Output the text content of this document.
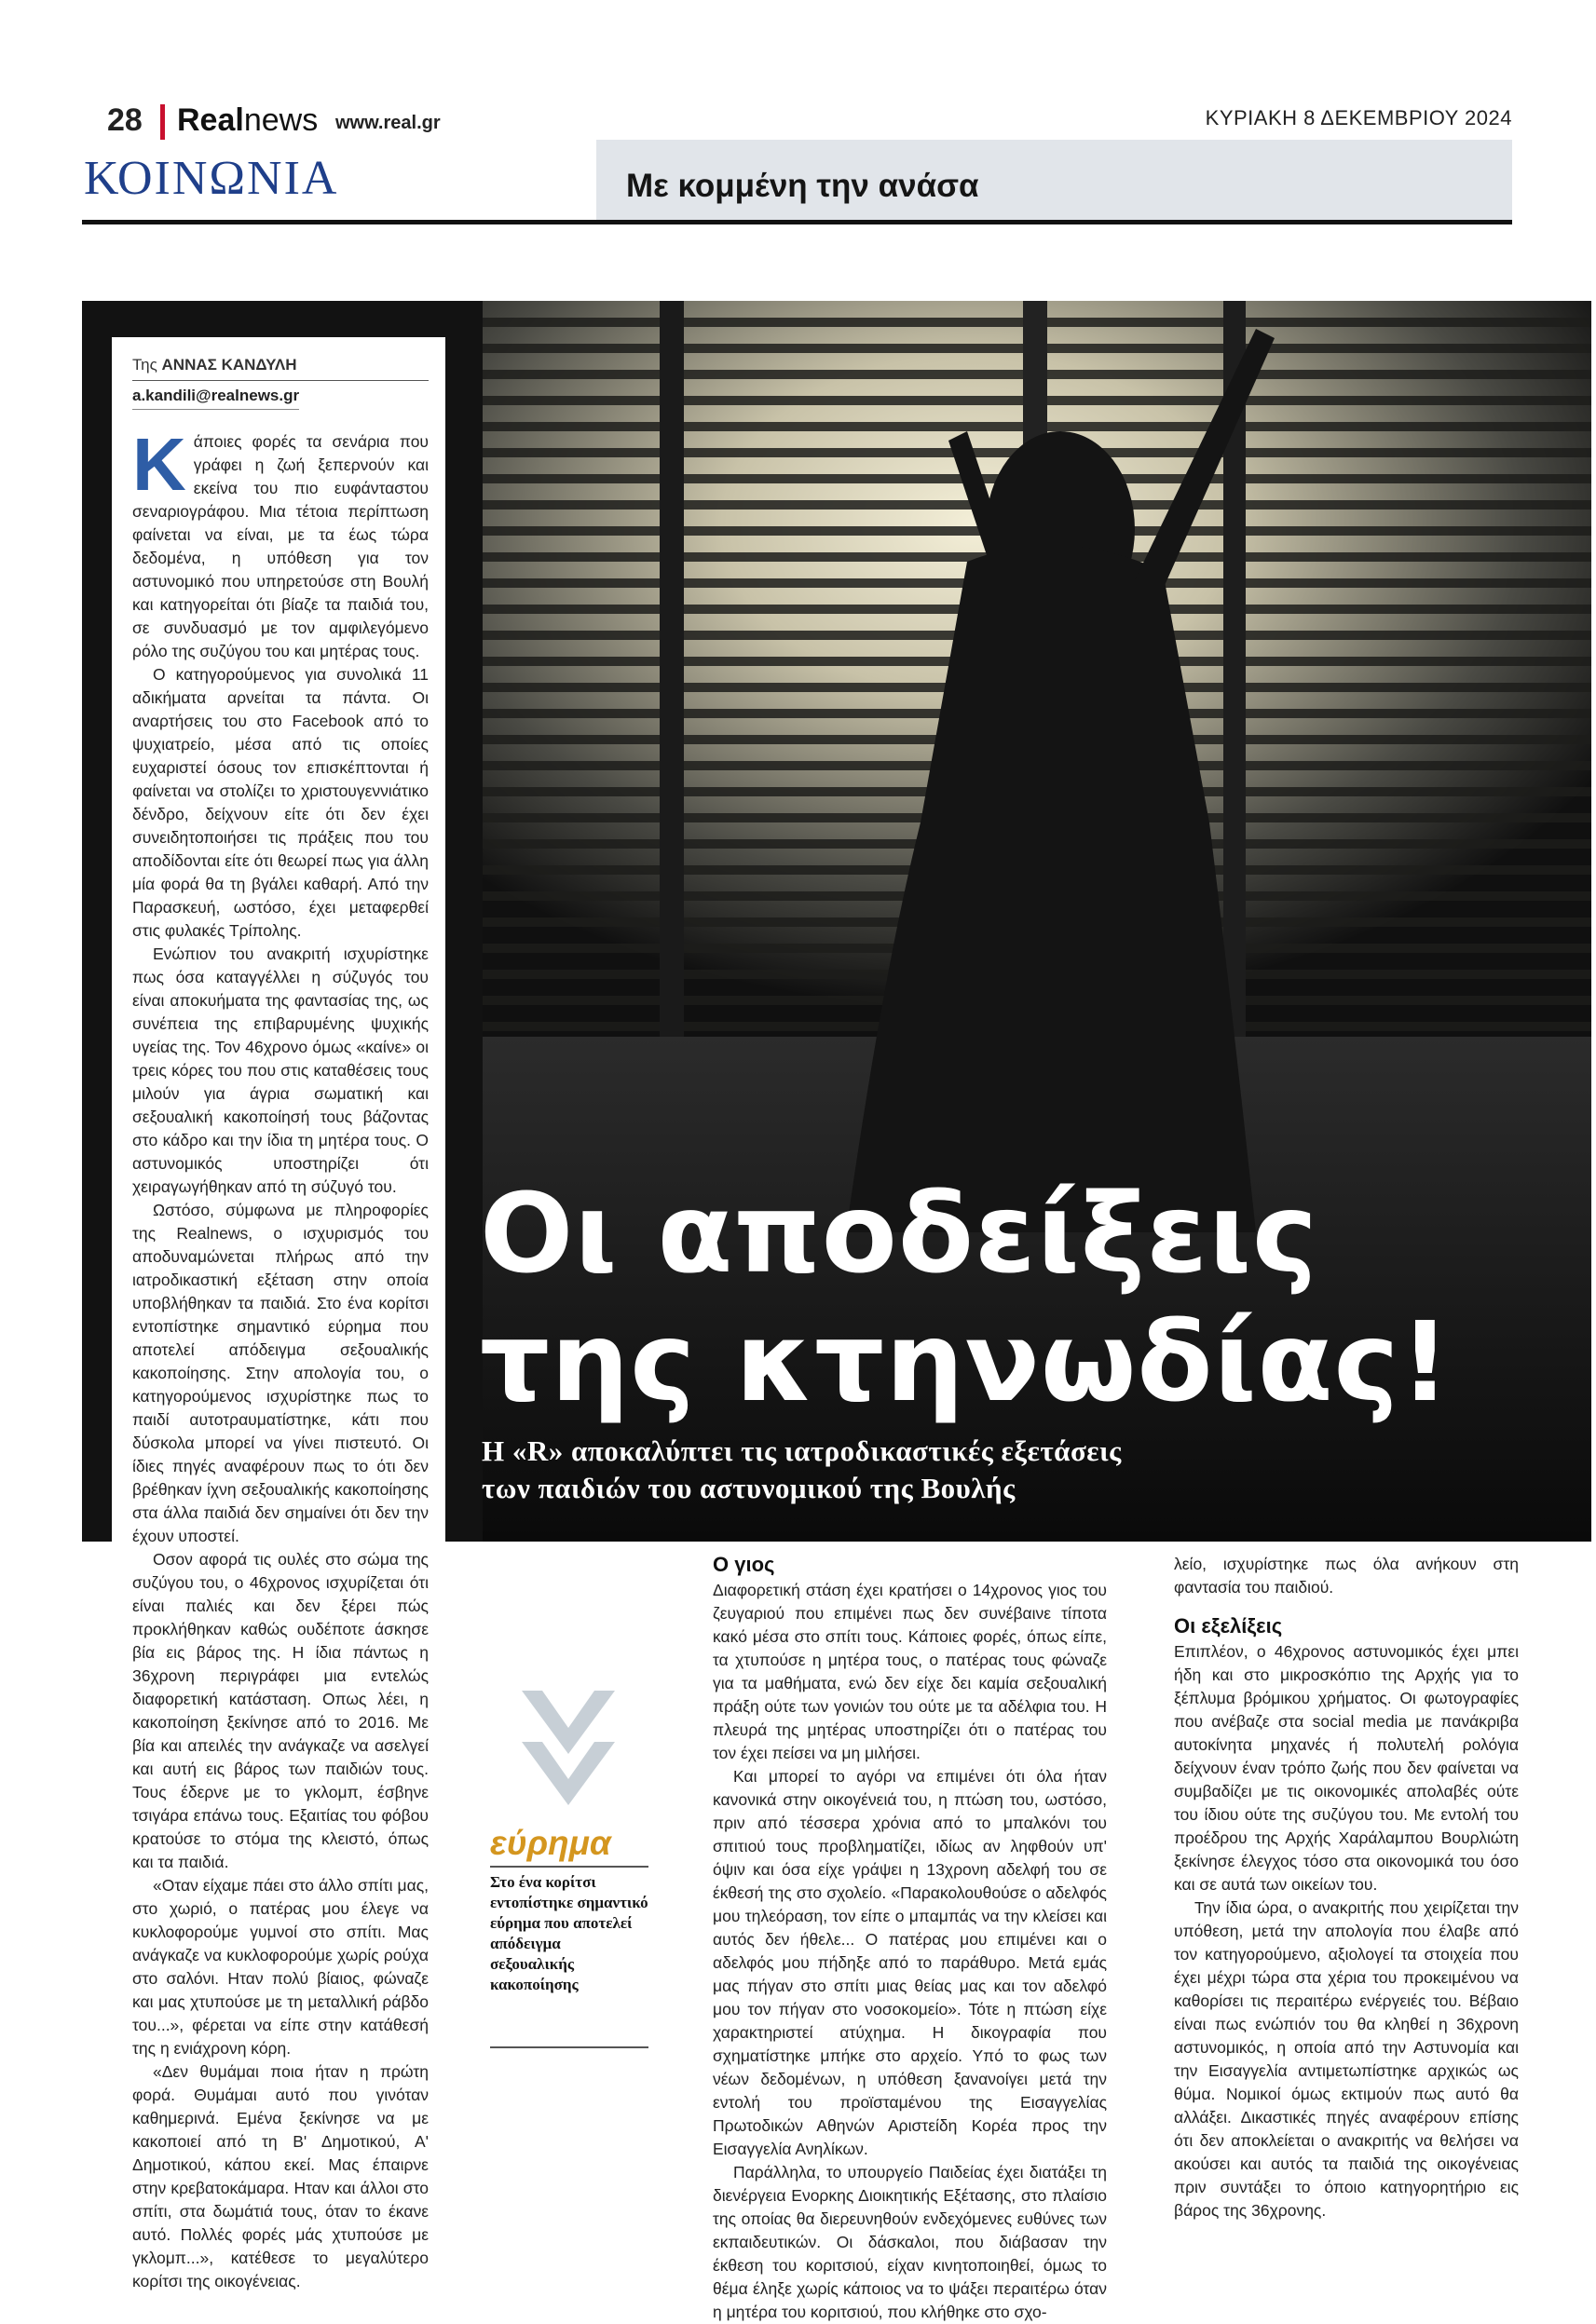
28 Realnews www.real.gr	ΚΥΡΙΑΚΗ 8 ΔΕΚΕΜΒΡΙΟΥ 2024
ΚΟΙΝΩΝΙΑ	Με κομμένη την ανάσα
Οι αποδείξεις
της κτηνωδίας!
Η «R» αποκαλύπτει τις ιατροδικαστικές εξετάσεις
των παιδιών του αστυνομικού της Βουλής
Της ΑΝΝΑΣ ΚΑΝΔΥΛΗ
a.kandili@realnews.gr

Κάποιες φορές τα σενάρια που γράφει η ζωή ξεπερνούν και εκείνα του πιο ευφάνταστου σεναριογράφου. Μια τέτοια περίπτωση φαίνεται να είναι, με τα έως τώρα δεδομένα, η υπόθεση για τον αστυνομικό που υπηρετούσε στη Βουλή και κατηγορείται ότι βίαζε τα παιδιά του, σε συνδυασμό με τον αμφιλεγόμενο ρόλο της συζύγου του και μητέρας τους.

Ο κατηγορούμενος για συνολικά 11 αδικήματα αρνείται τα πάντα. Οι αναρτήσεις του στο Facebook από το ψυχιατρείο, μέσα από τις οποίες ευχαριστεί όσους τον επισκέπτονται ή φαίνεται να στολίζει το χριστουγεννιάτικο δένδρο, δείχνουν είτε ότι δεν έχει συνειδητοποιήσει τις πράξεις που του αποδίδονται είτε ότι θεωρεί πως για άλλη μία φορά θα τη βγάλει καθαρή. Από την Παρασκευή, ωστόσο, έχει μεταφερθεί στις φυλακές Τρίπολης.

Ενώπιον του ανακριτή ισχυρίστηκε πως όσα καταγγέλλει η σύζυγός του είναι αποκυήματα της φαντασίας της, ως συνέπεια της επιβαρυμένης ψυχικής υγείας της. Τον 46χρονο όμως «καίνε» οι τρεις κόρες του που στις καταθέσεις τους μιλούν για άγρια σωματική και σεξουαλική κακοποίησή τους βάζοντας στο κάδρο και την ίδια τη μητέρα τους. Ο αστυνομικός υποστηρίζει ότι χειραγωγήθηκαν από τη σύζυγό του.

Ωστόσο, σύμφωνα με πληροφορίες της Realnews, ο ισχυρισμός του αποδυναμώνεται πλήρως από την ιατροδικαστική εξέταση στην οποία υποβλήθηκαν τα παιδιά. Στο ένα κορίτσι εντοπίστηκε σημαντικό εύρημα που αποτελεί απόδειγμα σεξουαλικής κακοποίησης. Στην απολογία του, ο κατηγορούμενος ισχυρίστηκε πως το παιδί αυτοτραυματίστηκε, κάτι που δύσκολα μπορεί να γίνει πιστευτό. Οι ίδιες πηγές αναφέρουν πως το ότι δεν βρέθηκαν ίχνη σεξουαλικής κακοποίησης στα άλλα παιδιά δεν σημαίνει ότι δεν την έχουν υποστεί.

Οσον αφορά τις ουλές στο σώμα της συζύγου του, ο 46χρονος ισχυρίζεται ότι είναι παλιές και δεν ξέρει πώς προκλήθηκαν καθώς ουδέποτε άσκησε βία εις βάρος της. Η ίδια πάντως η 36χρονη περιγράφει μια εντελώς διαφορετική κατάσταση. Οπως λέει, η κακοποίηση ξεκίνησε από το 2016. Με βία και απειλές την ανάγκαζε να ασελγεί και αυτή εις βάρος των παιδιών τους. Τους έδερνε με το γκλομπ, έσβηνε τσιγάρα επάνω τους. Εξαιτίας του φόβου κρατούσε το στόμα της κλειστό, όπως και τα παιδιά.

«Οταν είχαμε πάει στο άλλο σπίτι μας, στο χωριό, ο πατέρας μου έλεγε να κυκλοφορούμε γυμνοί στο σπίτι. Μας ανάγκαζε να κυκλοφορούμε χωρίς ρούχα στο σαλόνι. Ηταν πολύ βίαιος, φώναζε και μας χτυπούσε με τη μεταλλική ράβδο του...», φέρεται να είπε στην κατάθεσή της η ενιάχρονη κόρη.

«Δεν θυμάμαι ποια ήταν η πρώτη φορά. Θυμάμαι αυτό που γινόταν καθημερινά. Εμένα ξεκίνησε να με κακοποιεί από τη Β' Δημοτικού, Α' Δημοτικού, κάπου εκεί. Μας έπαιρνε στην κρεβατοκάμαρα. Ηταν και άλλοι στο σπίτι, στα δωμάτιά τους, όταν το έκανε αυτό. Πολλές φορές μάς χτυπούσε με γκλομπ...», κατέθεσε το μεγαλύτερο κορίτσι της οικογένειας.

εύρημα
Στο ένα κορίτσι εντοπίστηκε σημαντικό εύρημα που αποτελεί απόδειγμα σεξουαλικής κακοποίησης
Ο γιος

Διαφορετική στάση έχει κρατήσει ο 14χρονος γιος του ζευγαριού που επιμένει πως δεν συνέβαινε τίποτα κακό μέσα στο σπίτι τους. Κάποιες φορές, όπως είπε, τα χτυπούσε η μητέρα τους, ο πατέρας τους φώναζε για τα μαθήματα, ενώ δεν είχε δει καμία σεξουαλική πράξη ούτε των γονιών του ούτε με τα αδέλφια του. Η πλευρά της μητέρας υποστηρίζει ότι ο πατέρας του τον έχει πείσει να μη μιλήσει.

Και μπορεί το αγόρι να επιμένει ότι όλα ήταν κανονικά στην οικογένειά του, η πτώση του, ωστόσο, πριν από τέσσερα χρόνια από το μπαλκόνι του σπιτιού τους προβληματίζει, ιδίως αν ληφθούν υπ' όψιν και όσα είχε γράψει η 13χρονη αδελφή του σε έκθεσή της στο σχολείο. «Παρακολουθούσε ο αδελφός μου τηλεόραση, τον είπε ο μπαμπάς να την κλείσει και αυτός δεν ήθελε... Ο πατέρας μου επιμένει και ο αδελφός μου πήδηξε από το παράθυρο. Μετά εμάς μας πήγαν στο σπίτι μιας θείας μας και τον αδελφό μου τον πήγαν στο νοσοκομείο». Τότε η πτώση είχε χαρακτηριστεί ατύχημα. Η δικογραφία που σχηματίστηκε μπήκε στο αρχείο. Υπό το φως των νέων δεδομένων, η υπόθεση ξανανοίγει μετά την εντολή του προϊσταμένου της Εισαγγελίας Πρωτοδικών Αθηνών Αριστείδη Κορέα προς την Εισαγγελία Ανηλίκων.

Παράλληλα, το υπουργείο Παιδείας έχει διατάξει τη διενέργεια Ενορκης Διοικητικής Εξέτασης, στο πλαίσιο της οποίας θα διερευνηθούν ενδεχόμενες ευθύνες των εκπαιδευτικών. Οι δάσκαλοι, που διάβασαν την έκθεση του κοριτσιού, είχαν κινητοποιηθεί, όμως το θέμα έληξε χωρίς κάποιος να το ψάξει περαιτέρω όταν η μητέρα του κοριτσιού, που κλήθηκε στο σχο-

λείο, ισχυρίστηκε πως όλα ανήκουν στη φαντασία του παιδιού.

Οι εξελίξεις

Επιπλέον, ο 46χρονος αστυνομικός έχει μπει ήδη και στο μικροσκόπιο της Αρχής για το ξέπλυμα βρόμικου χρήματος. Οι φωτογραφίες που ανέβαζε στα social media με πανάκριβα αυτοκίνητα μηχανές ή πολυτελή ρολόγια δείχνουν έναν τρόπο ζωής που δεν φαίνεται να συμβαδίζει με τις οικονομικές απολαβές ούτε του ίδιου ούτε της συζύγου του. Με εντολή του προέδρου της Αρχής Χαράλαμπου Βουρλιώτη ξεκίνησε έλεγχος τόσο στα οικονομικά του όσο και σε αυτά των οικείων του.

Την ίδια ώρα, ο ανακριτής που χειρίζεται την υπόθεση, μετά την απολογία που έλαβε από τον κατηγορούμενο, αξιολογεί τα στοιχεία που έχει μέχρι τώρα στα χέρια του προκειμένου να καθορίσει τις περαιτέρω ενέργειές του. Βέβαιο είναι πως ενώπιόν του θα κληθεί η 36χρονη αστυνομικός, η οποία από την Αστυνομία και την Εισαγγελία αντιμετωπίστηκε αρχικώς ως θύμα. Νομικοί όμως εκτιμούν πως αυτό θα αλλάξει. Δικαστικές πηγές αναφέρουν επίσης ότι δεν αποκλείεται ο ανακριτής να θελήσει να ακούσει και αυτός τα παιδιά της οικογένειας πριν συντάξει το όποιο κατηγορητήριο εις βάρος της 36χρονης.
